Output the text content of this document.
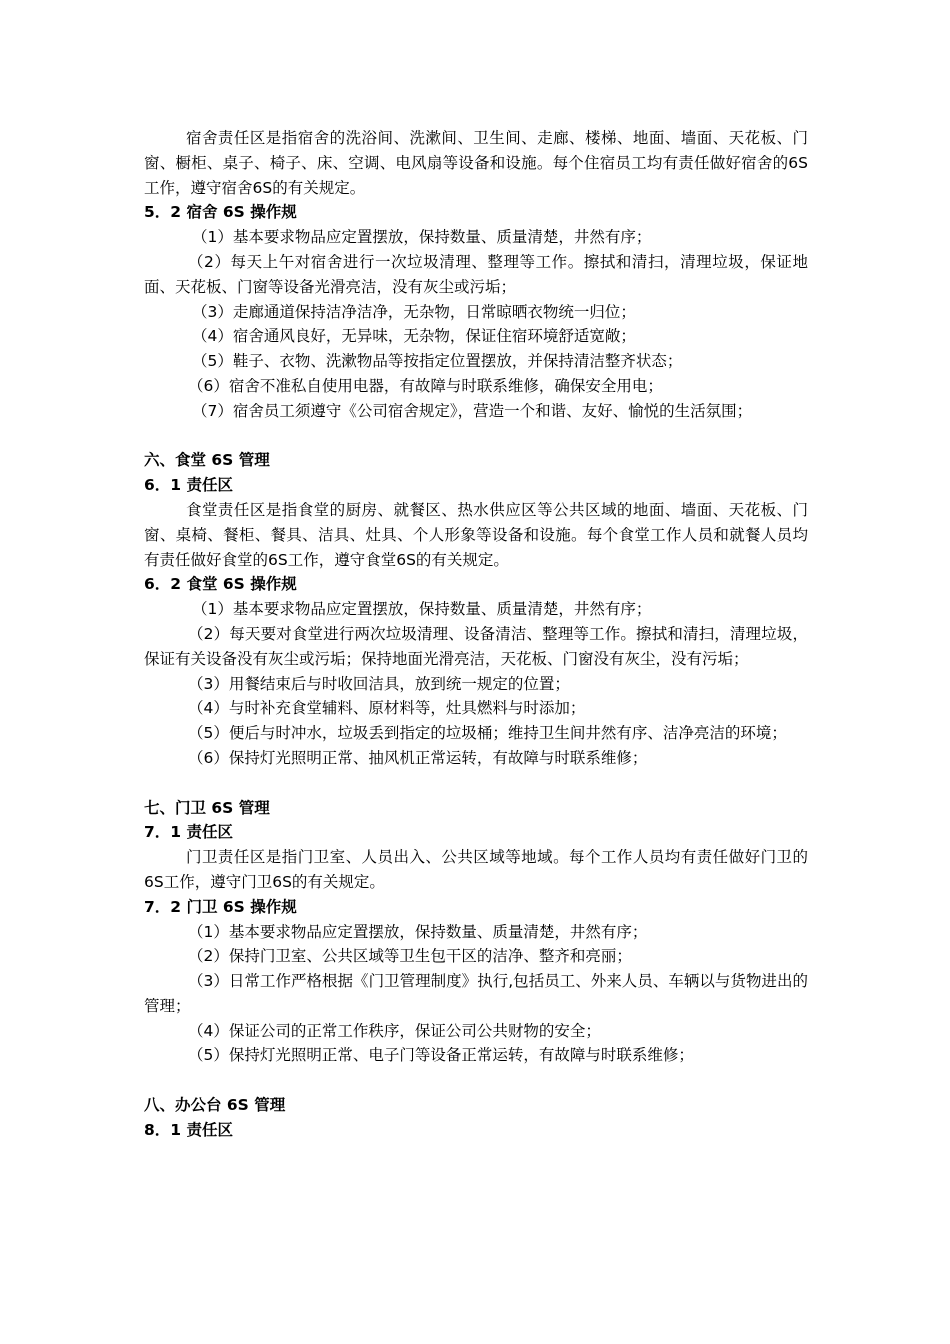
宿舍责任区是指宿舍的洗浴间、洗漱间、卫生间、走廊、楼梯、地面、墙面、天花板、门窗、橱柜、桌子、椅子、床、空调、电风扇等设备和设施。每个住宿员工均有责任做好宿舍的6S工作，遵守宿舍6S的有关规定。

5．2 宿舍 6S 操作规

（1）基本要求物品应定置摆放，保持数量、质量清楚，井然有序；

（2）每天上午对宿舍进行一次垃圾清理、整理等工作。擦拭和清扫，清理垃圾，保证地面、天花板、门窗等设备光滑亮洁，没有灰尘或污垢；

（3）走廊通道保持洁净洁净，无杂物，日常晾晒衣物统一归位；

（4）宿舍通风良好，无异味，无杂物，保证住宿环境舒适宽敞；

（5）鞋子、衣物、洗漱物品等按指定位置摆放，并保持清洁整齐状态；

（6）宿舍不准私自使用电器，有故障与时联系维修，确保安全用电；

（7）宿舍员工须遵守《公司宿舍规定》，营造一个和谐、友好、愉悦的生活氛围；

六、食堂 6S 管理

6．1 责任区

食堂责任区是指食堂的厨房、就餐区、热水供应区等公共区域的地面、墙面、天花板、门窗、桌椅、餐柜、餐具、洁具、灶具、个人形象等设备和设施。每个食堂工作人员和就餐人员均有责任做好食堂的6S工作，遵守食堂6S的有关规定。

6．2 食堂 6S 操作规

（1）基本要求物品应定置摆放，保持数量、质量清楚，井然有序；

（2）每天要对食堂进行两次垃圾清理、设备清洁、整理等工作。擦拭和清扫，清理垃圾，保证有关设备没有灰尘或污垢；保持地面光滑亮洁，天花板、门窗没有灰尘，没有污垢；

（3）用餐结束后与时收回洁具，放到统一规定的位置；

（4）与时补充食堂辅料、原材料等，灶具燃料与时添加；

（5）便后与时冲水，垃圾丢到指定的垃圾桶；维持卫生间井然有序、洁净亮洁的环境；

（6）保持灯光照明正常、抽风机正常运转，有故障与时联系维修；

七、门卫 6S 管理

7．1 责任区

门卫责任区是指门卫室、人员出入、公共区域等地域。每个工作人员均有责任做好门卫的6S工作，遵守门卫6S的有关规定。

7．2 门卫 6S 操作规

（1）基本要求物品应定置摆放，保持数量、质量清楚，井然有序；

（2）保持门卫室、公共区域等卫生包干区的洁净、整齐和亮丽；

（3）日常工作严格根据《门卫管理制度》执行,包括员工、外来人员、车辆以与货物进出的管理；

（4）保证公司的正常工作秩序，保证公司公共财物的安全；

（5）保持灯光照明正常、电子门等设备正常运转，有故障与时联系维修；

八、办公台 6S 管理

8．1 责任区
